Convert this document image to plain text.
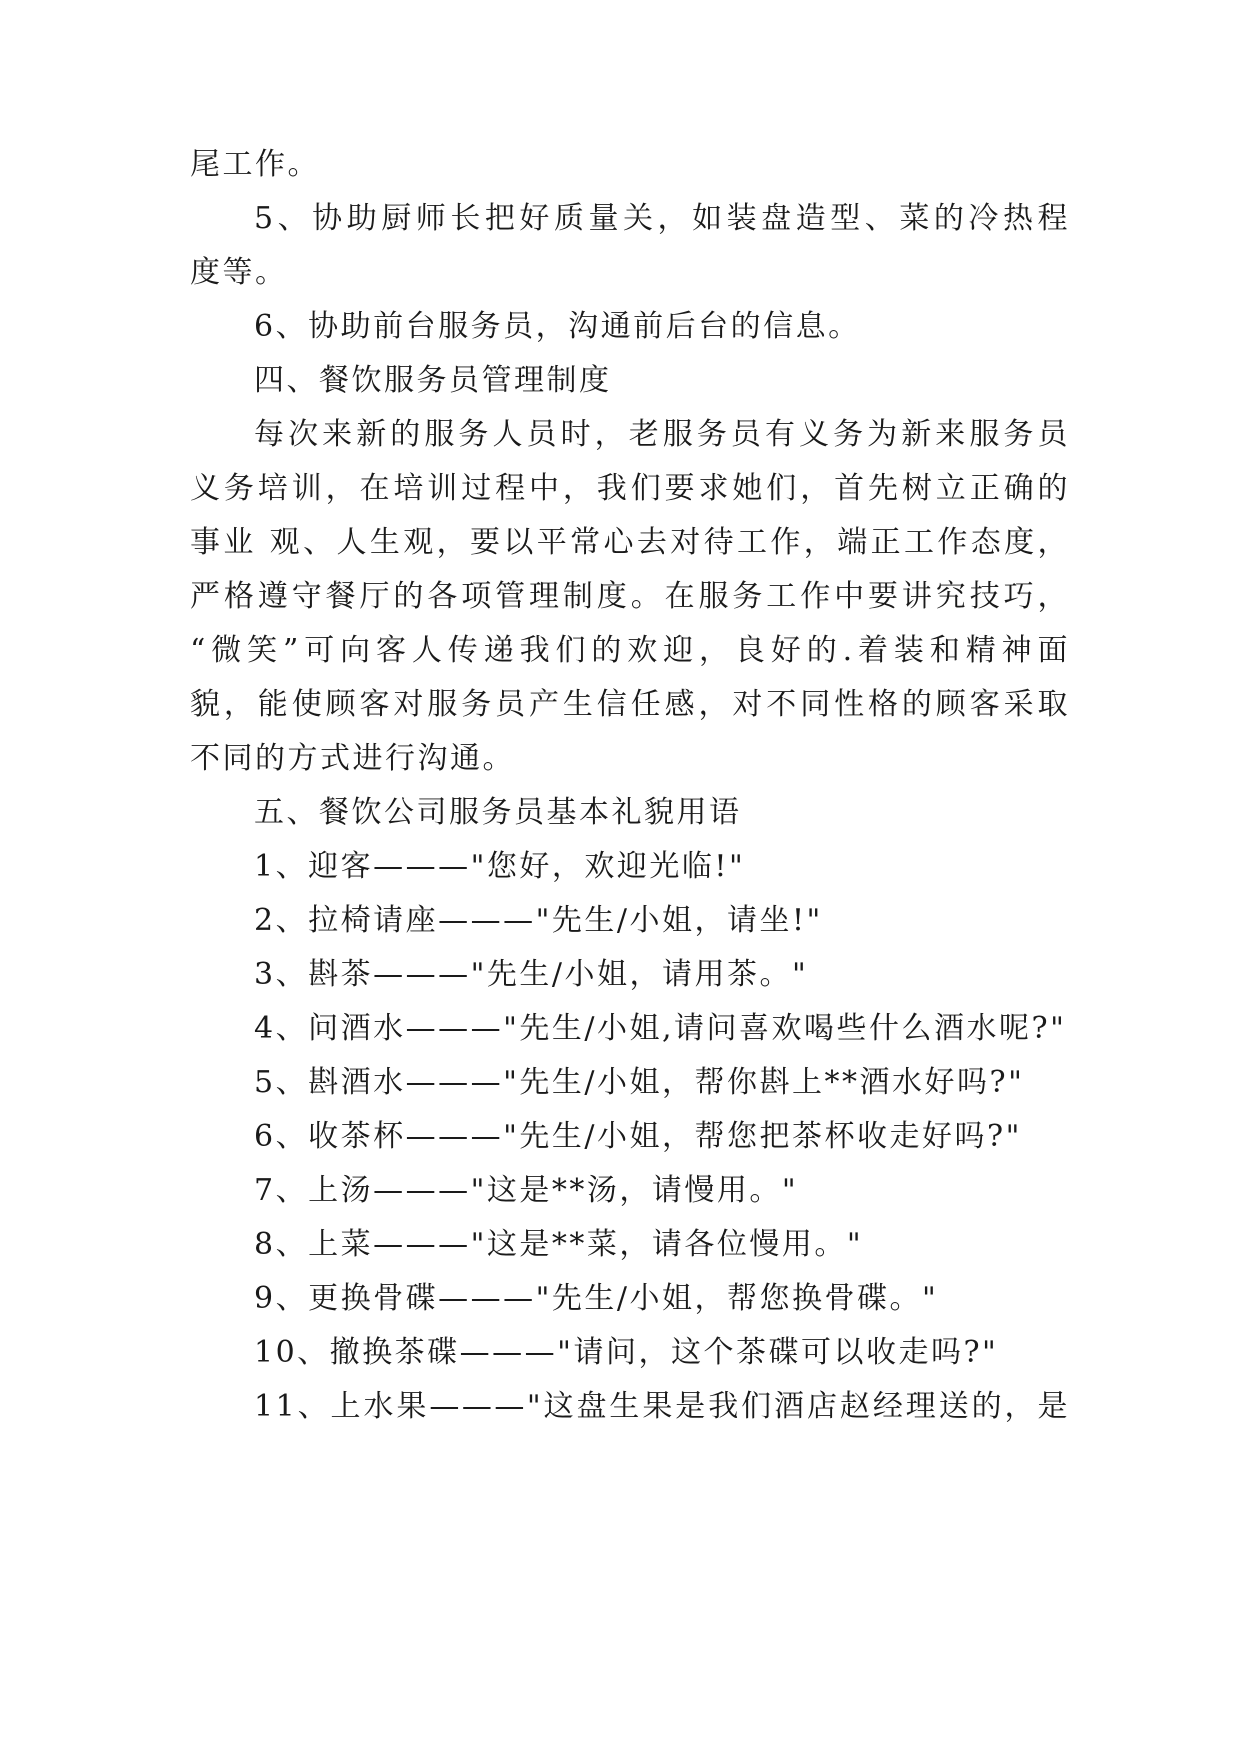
尾工作。
5、协助厨师长把好质量关，如装盘造型、菜的冷热程
度等。
6、协助前台服务员，沟通前后台的信息。
四、餐饮服务员管理制度
每次来新的服务人员时，老服务员有义务为新来服务员
义务培训，在培训过程中，我们要求她们，首先树立正确的
事业 观、人生观，要以平常心去对待工作，端正工作态度，
严格遵守餐厅的各项管理制度。在服务工作中要讲究技巧，
“微笑”可向客人传递我们的欢迎，良好的.着装和精神面
貌，能使顾客对服务员产生信任感，对不同性格的顾客采取
不同的方式进行沟通。
五、餐饮公司服务员基本礼貌用语
1、迎客———"您好，欢迎光临!"
2、拉椅请座———"先生/小姐，请坐!"
3、斟茶———"先生/小姐，请用茶。"
4、问酒水———"先生/小姐,请问喜欢喝些什么酒水呢?"
5、斟酒水———"先生/小姐，帮你斟上**酒水好吗?"
6、收茶杯———"先生/小姐，帮您把茶杯收走好吗?"
7、上汤———"这是**汤，请慢用。"
8、上菜———"这是**菜，请各位慢用。"
9、更换骨碟———"先生/小姐，帮您换骨碟。"
10、撤换茶碟———"请问，这个茶碟可以收走吗?"
11、上水果———"这盘生果是我们酒店赵经理送的，是
